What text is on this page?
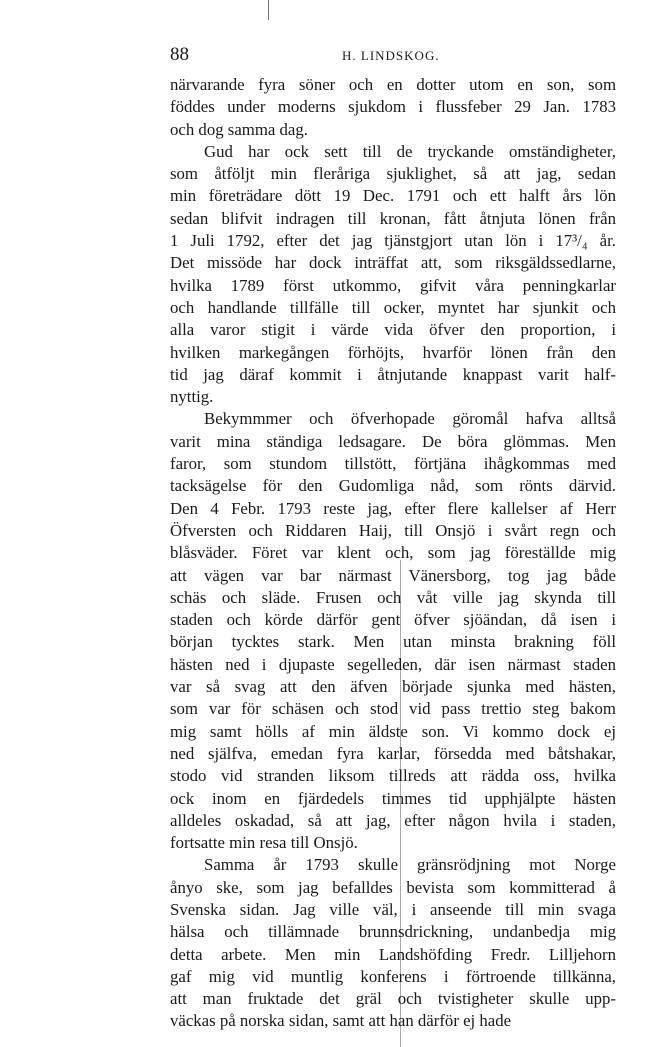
88	H. LINDSKOG.
närvarande fyra söner och en dotter utom en son, som
föddes under moderns sjukdom i flussfeber 29 Jan. 1783
och dog samma dag.
Gud har ock sett till de tryckande omständigheter,
som åtföljt min fleråriga sjuklighet, så att jag, sedan
min företrädare dött 19 Dec. 1791 och ett halft års lön
sedan blifvit indragen till kronan, fått åtnjuta lönen från
1 Juli 1792, efter det jag tjänstgjort utan lön i 17³/₄ år.
Det missöde har dock inträffat att, som riksgäldssedlarne,
hvilka 1789 först utkommo, gifvit våra penningkarlar
och handlande tillfälle till ocker, myntet har sjunkit och
alla varor stigit i värde vida öfver den proportion, i
hvilken markegången förhöjts, hvarför lönen från den
tid jag däraf kommit i åtnjutande knappast varit half-
nyttig.
Bekymmmer och öfverhopade göromål hafva alltså
varit mina ständiga ledsagare. De böra glömmas. Men
faror, som stundom tillstött, förtjäna ihågkommas med
tacksägelse för den Gudomliga nåd, som rönts därvid.
Den 4 Febr. 1793 reste jag, efter flere kallelser af Herr
Öfversten och Riddaren Haij, till Onsjö i svårt regn och
blåsväder. Föret var klent och, som jag föreställde mig
att vägen var bar närmast Vänersborg, tog jag både
schäs och släde. Frusen och våt ville jag skynda till
staden och körde därför gent öfver sjöändan, då isen i
början tycktes stark. Men utan minsta brakning föll
hästen ned i djupaste segelleden, där isen närmast staden
var så svag att den äfven började sjunka med hästen,
som var för schäsen och stod vid pass trettio steg bakom
mig samt hölls af min äldste son. Vi kommo dock ej
ned själfva, emedan fyra karlar, försedda med båtshakar,
stodo vid stranden liksom tillreds att rädda oss, hvilka
ock inom en fjärdedels timmes tid upphjälpte hästen
alldeles oskadad, så att jag, efter någon hvila i staden,
fortsatte min resa till Onsjö.
Samma år 1793 skulle gränsrödjning mot Norge
ånyo ske, som jag befalldes bevista som kommitterad å
Svenska sidan. Jag ville väl, i anseende till min svaga
hälsa och tillämnade brunnsdrickning, undanbedja mig
detta arbete. Men min Landshöfding Fredr. Lilljehorn
gaf mig vid muntlig konferens i förtroende tillkänna,
att man fruktade det gräl och tvistigheter skulle upp-
väckas på norska sidan, samt att han därför ej hade
